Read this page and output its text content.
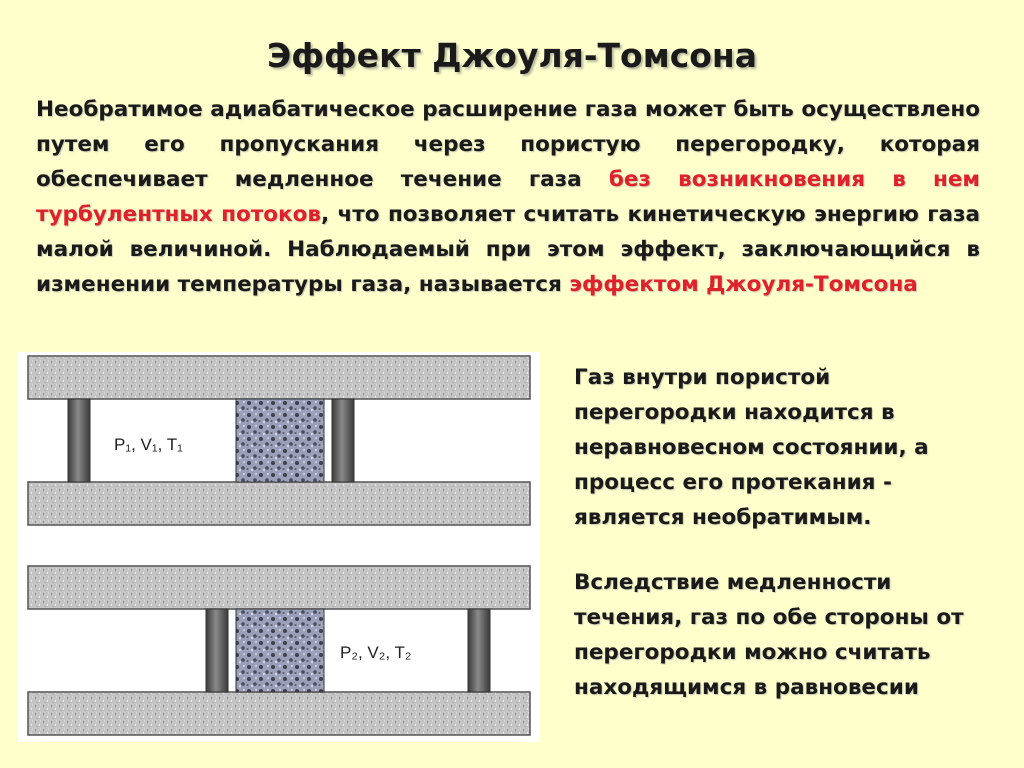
Эффект Джоуля-Томсона
Необратимое адиабатическое расширение газа может быть осуществлено путем его пропускания через пористую перегородку, которая обеспечивает медленное течение газа без возникновения в нем турбулентных потоков, что позволяет считать кинетическую энергию газа малой величиной. Наблюдаемый при этом эффект, заключающийся в изменении температуры газа, называется эффектом Джоуля-Томсона
P₁, V₁, T₁
P₂, V₂, T₂
Газ внутри пористой перегородки находится в неравновесном состоянии, а процесс его протекания - является необратимым.
Вследствие медленности течения, газ по обе стороны от перегородки можно считать находящимся в равновесии
